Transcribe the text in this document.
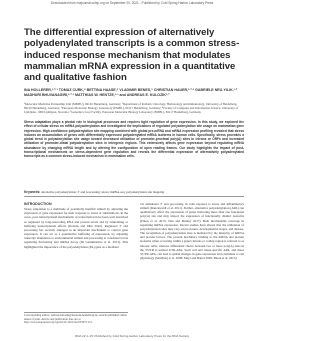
Downloaded from rnajournal.cshlp.org on September 20, 2021 - Published by Cold Spring Harbor Laboratory Press
The differential expression of alternatively polyadenylated transcripts is a common stress-induced response mechanism that modulates mammalian mRNA expression in a quantitative and qualitative fashion
INA HOLLERER,¹·²·³ TOMAZ CURK,⁴ BETTINA HAASE,⁵ VLADIMIR BENES,⁵ CHRISTIAN HAUER,¹·²·³ GABRIELE NEU-YILIK,¹·² MADHURI BHUVANAGIRI,¹·²·³ MATTHIAS W. HENTZE,¹·³ and ANDREAS E. KULOZIK¹·²
¹Molecular Medicine Partnership Unit (MMPU), 69120 Heidelberg, Germany; ²Department of Pediatric Oncology, Hematology and Immunology, University of Heidelberg, 69120 Heidelberg, Germany; ³European Molecular Biology Laboratory (EMBL), 69117 Heidelberg, Germany; ⁴Faculty of Computer and Information Science, University of Ljubljana, 1000 Ljubljana, Slovenia; ⁵Genomics Core Facility, European Molecular Biology Laboratory (EMBL), 69117 Heidelberg, Germany
Stress adaptation plays a pivotal role in biological processes and requires tight regulation of gene expression. In this study, we explored the effect of cellular stress on mRNA polyadenylation and investigated the implications of regulated polyadenylation site usage on mammalian gene expression. High-confidence polyadenylation site mapping combined with global pre-mRNA and mRNA expression profiling revealed that stress induces an accumulation of genes with differentially expressed polyadenylated mRNA isoforms in human cells. Specifically, stress provokes a global trend in polyadenylation site usage toward decreased utilization of promoter-proximal poly(A) sites in introns or ORFs and increased utilization of promoter-distal polyadenylation sites in intergenic regions. This extensively affects gene expression beyond regulating mRNA abundance by changing mRNA length and by altering the configuration of open reading frames. Our study highlights the impact of post-transcriptional mechanisms on stress-dependent gene regulation and reveals the differential expression of alternatively polyadenylated transcripts as a common stress-induced mechanism in mammalian cells.
Keywords: alternative polyadenylation; 3′ end processing; stress; mRNA-seq; polyadenylation site mapping
INTRODUCTION
Stress adaptation is a multitude of potentially harmful stimuli by adjusting the expression of gene expression for their response to stress or substitutions. In the cores, post-transcriptional mechanisms of transcription have been well described as regulated by long-noncoding RNA and protein levels and by remodeling or buffering transcriptional effects (Kostrik and Jähn 2016). Regulated 3′ end processing has recently emerged as an important mechanism to control gene expression. It can act as a quantitative buffering of expression, by adjusting transcript abundance to environmental stimuli and processing at consistent levels regulating fluctuating and mRNA decay (Di Giammartino et al. 2013). This highlighted the importance of the polyadenylation (PA) gene as a mediator
via stimulated 3′ end processing in cells exposed to stress and inflammatory stimuli (Danckwardt et al. 2011). Further, alternative polyadenylation (APA) can qualitatively affect the expression of genes harboring more than one functional poly(A) site and may impact the expression of functionally distinct isoforms (Elkon et al. 2013; Tian and Manley 2017). Both mechanisms converge in regulating mRNA expression. Recent studies have shown that the utilization of polyadenylation sites may vary across tissues, developmental stages, and disease. The recognition of polyadenylation sites is mediated by the interplay of mRNA and protein factors. The protein machinery binding to the mRNA and protein isoforms when occurring within a gene's introns or coding region is referred to as intronic APA, whereas differential choice between two or more poly(A) sites in the 3′UTR is termed UTR-APA. Such cell and tissue-specific APA, and these 3′UTR-APA, can lead to global changes in gene expression and contribute to cell physiology (Sandberg et al. 2008; Mayr and Bartel 2009; Elkon et al. 2013).
Corresponding author: andreas.kulozik@med.uni-heidelberg.de. Article published online ahead of print. Article and publication date are at http://www.rnajournal.org/cgi/doi/10.1261/rna.055657.115.
RNA 22:1–15; Published by Cold Spring Harbor Laboratory Press for the RNA Society
